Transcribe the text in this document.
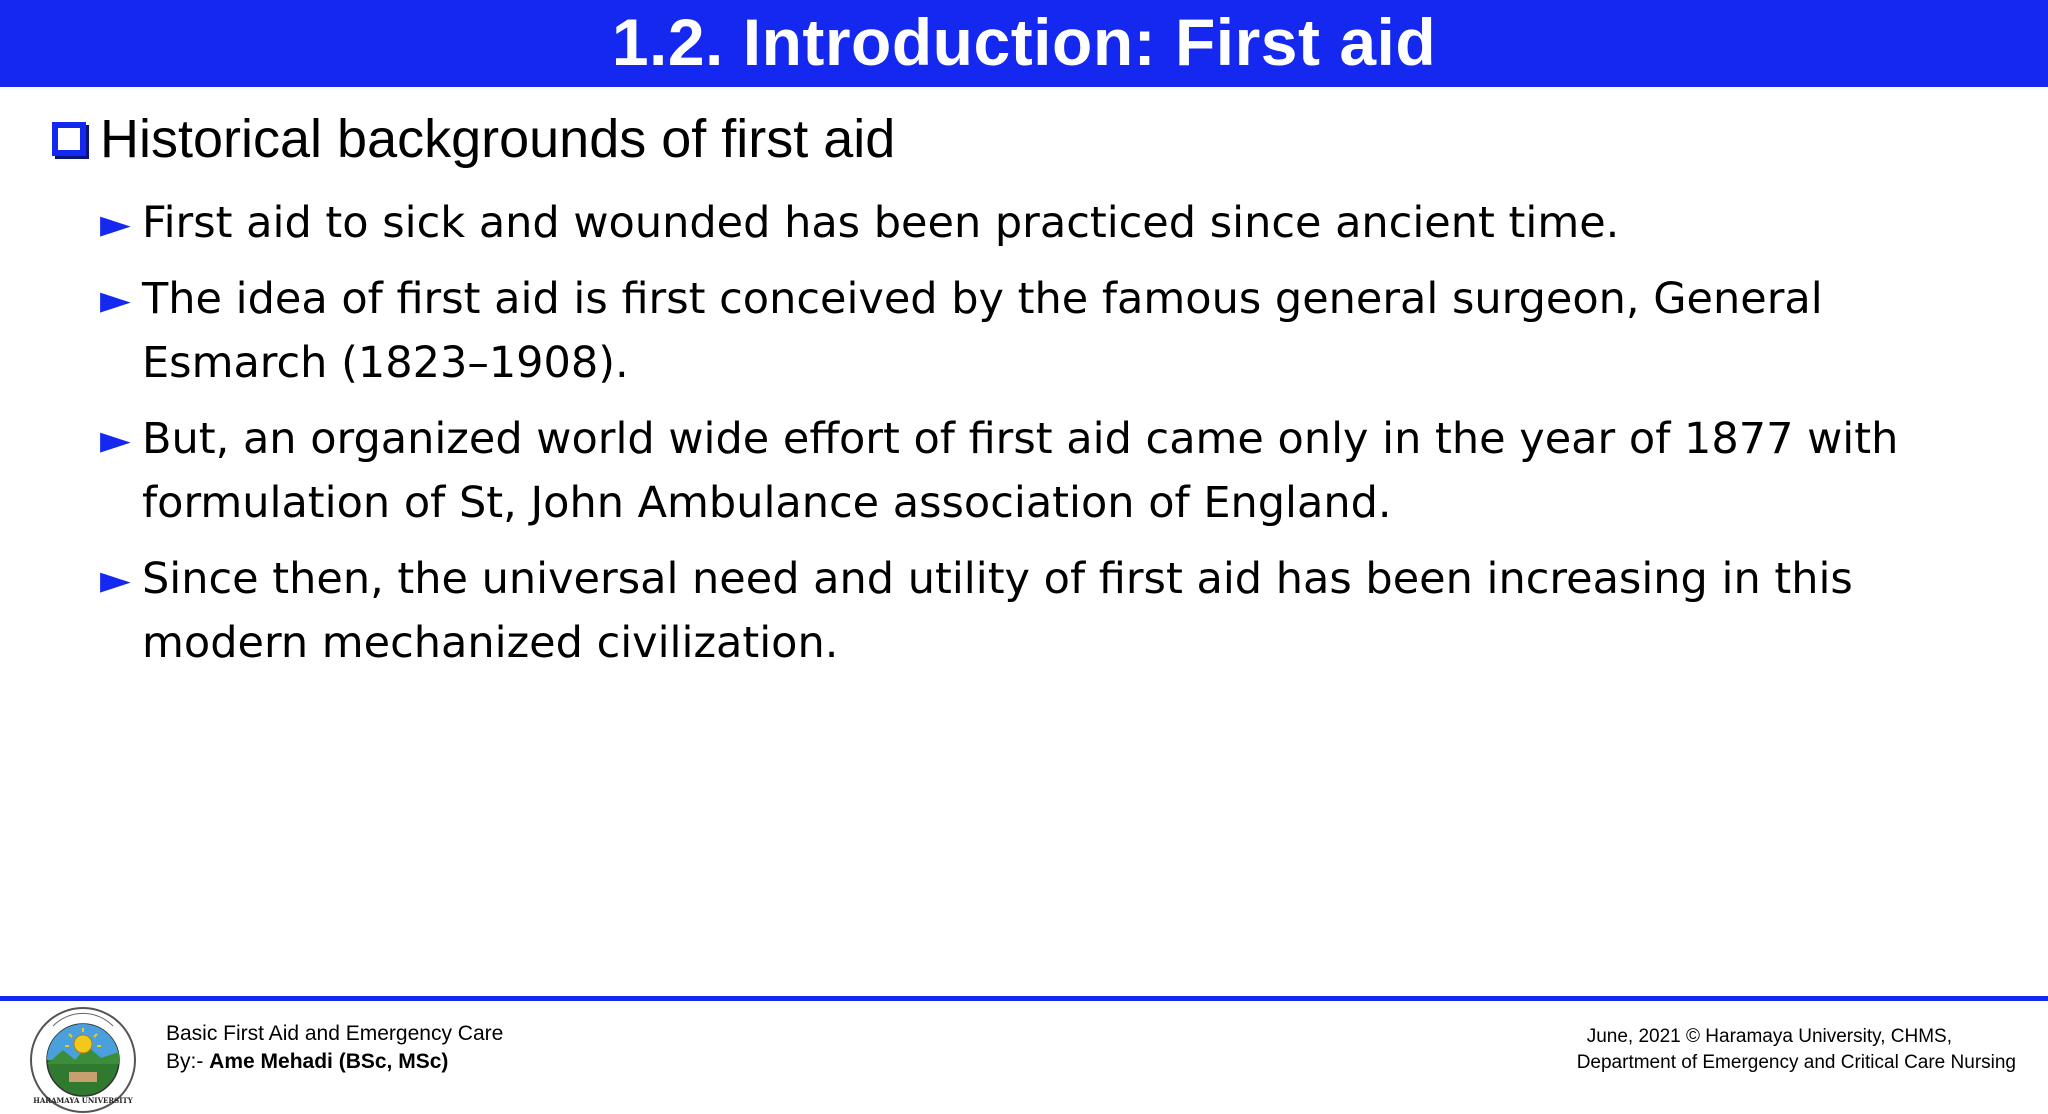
1.2. Introduction: First aid
Historical backgrounds of first aid
► First aid to sick and wounded has been practiced since ancient time.
► The idea of first aid is first conceived by the famous general surgeon, General
Esmarch (1823–1908).
► But, an organized world wide effort of first aid came only in the year of 1877 with
formulation of St, John Ambulance association of England.
► Since then, the universal need and utility of first aid has been increasing in this
modern mechanized civilization.
HARAMAYA UNIVERSITY
Basic First Aid and Emergency Care
By:- Ame Mehadi (BSc, MSc)
June, 2021 © Haramaya University, CHMS,
Department of Emergency and Critical Care Nursing
